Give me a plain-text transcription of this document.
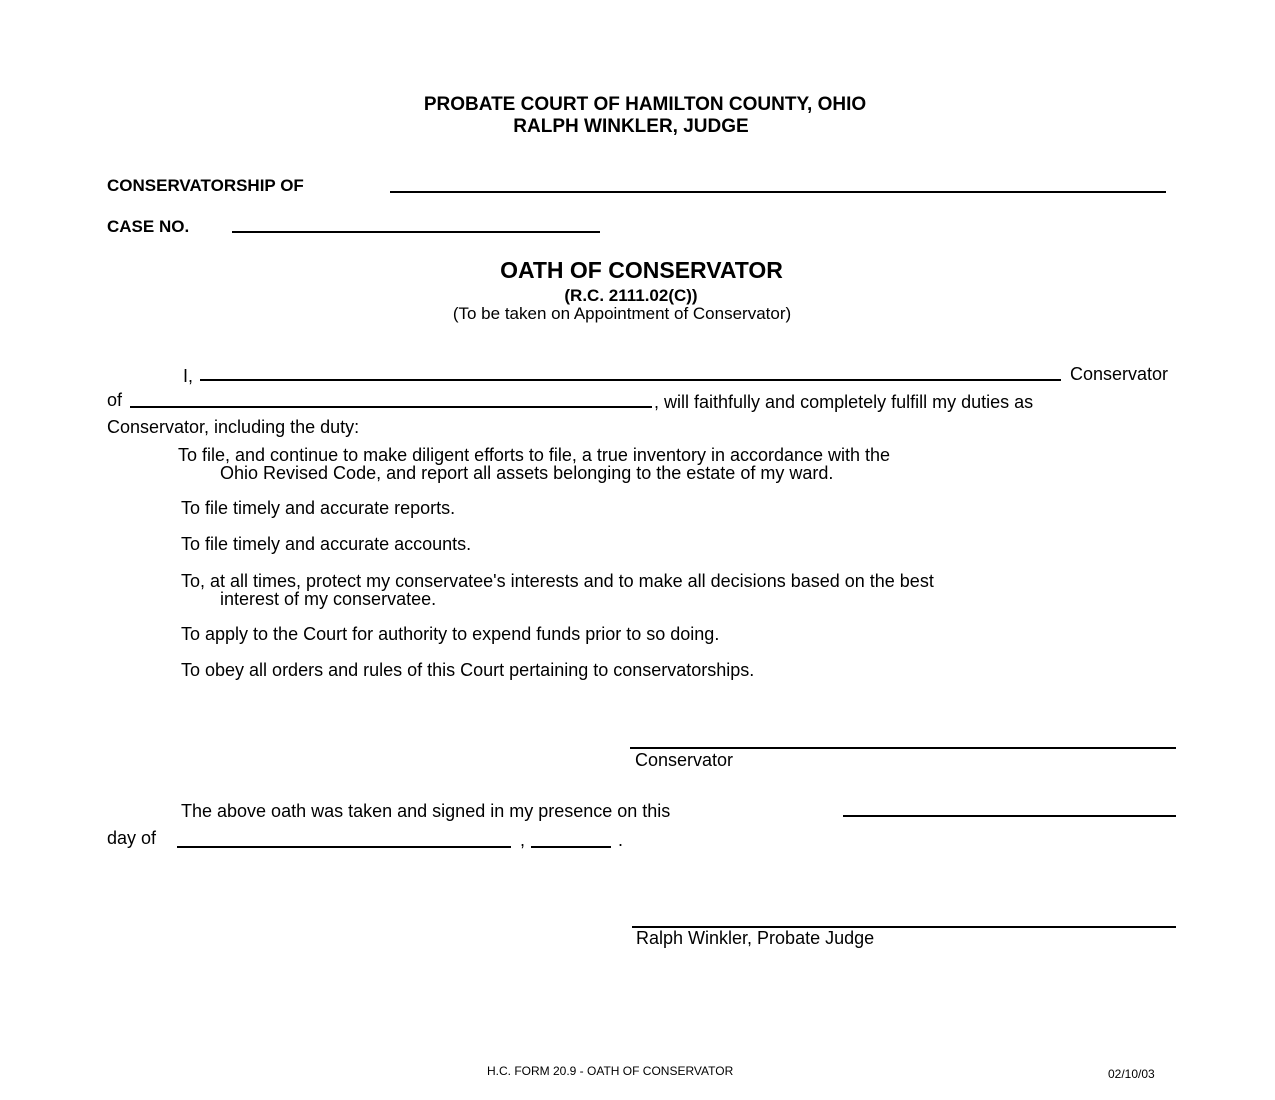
PROBATE COURT OF HAMILTON COUNTY, OHIO
RALPH WINKLER, JUDGE
CONSERVATORSHIP OF
CASE NO.
OATH OF CONSERVATOR
(R.C. 2111.02(C))
(To be taken on Appointment of Conservator)
I,	Conservator
of	, will faithfully and completely fulfill my duties as
Conservator, including the duty:
To file, and continue to make diligent efforts to file, a true inventory in accordance with the
Ohio Revised Code, and report all assets belonging to the estate of my ward.
To file timely and accurate reports.
To file timely and accurate accounts.
To, at all times, protect my conservatee's interests and to make all decisions based on the best
interest of my conservatee.
To apply to the Court for authority to expend funds prior to so doing.
To obey all orders and rules of this Court pertaining to conservatorships.
Conservator
The above oath was taken and signed in my presence on this
day of	,	.
Ralph Winkler, Probate Judge
H.C. FORM 20.9 - OATH OF CONSERVATOR	02/10/03
